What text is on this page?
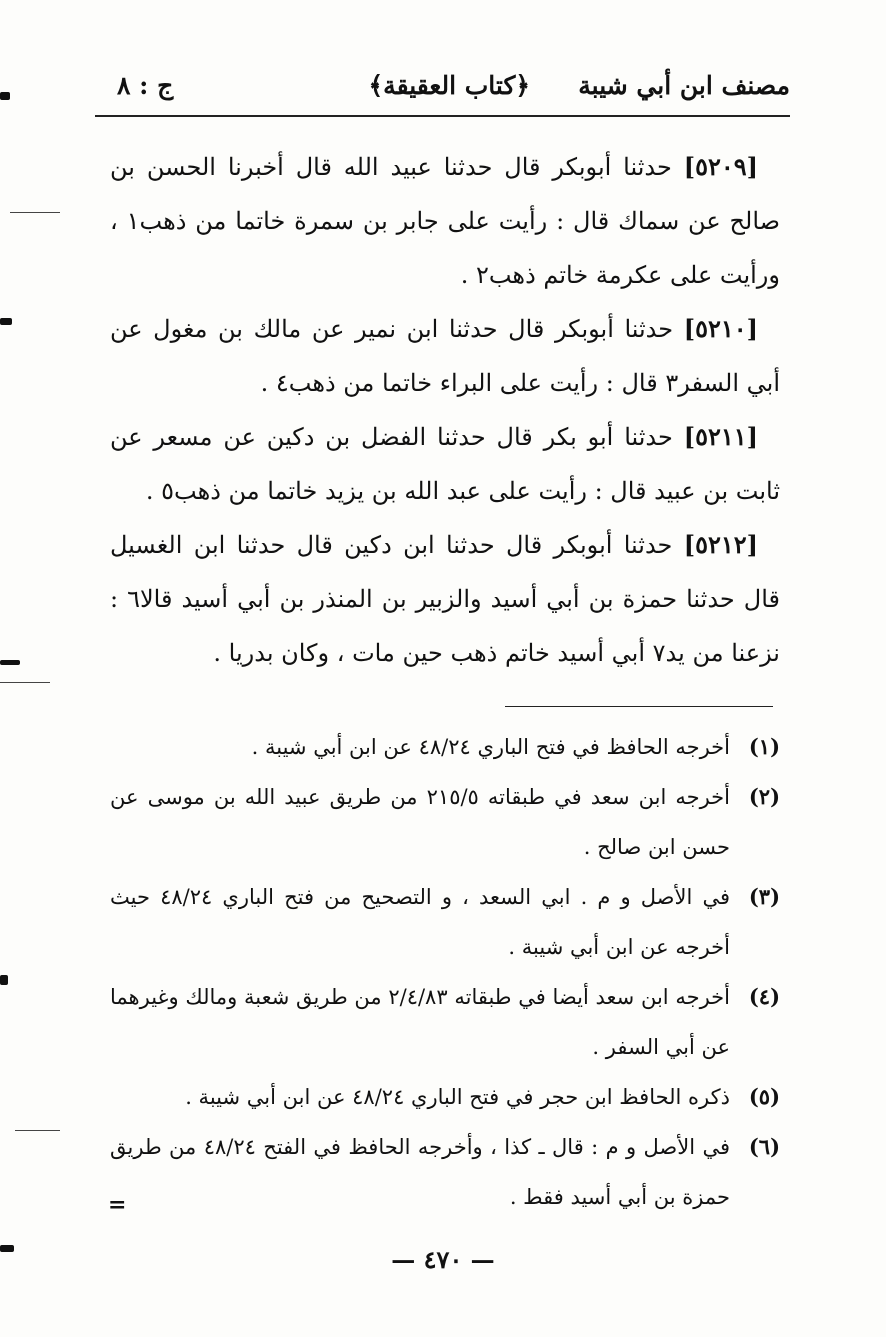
مصنف ابن أبي شيبة
﴿كتاب العقيقة﴾
ج : ٨

[٥٢٠٩] حدثنا أبوبكر قال حدثنا عبيد الله قال أخبرنا الحسن بن صالح عن سماك قال : رأيت على جابر بن سمرة خاتما من ذهب١ ، ورأيت على عكرمة خاتم ذهب٢ .

[٥٢١٠] حدثنا أبوبكر قال حدثنا ابن نمير عن مالك بن مغول عن أبي السفر٣ قال : رأيت على البراء خاتما من ذهب٤ .

[٥٢١١] حدثنا أبو بكر قال حدثنا الفضل بن دكين عن مسعر عن ثابت بن عبيد قال : رأيت على عبد الله بن يزيد خاتما من ذهب٥ .

[٥٢١٢] حدثنا أبوبكر قال حدثنا ابن دكين قال حدثنا ابن الغسيل قال حدثنا حمزة بن أبي أسيد والزبير بن المنذر بن أبي أسيد قالا٦ : نزعنا من يد٧ أبي أسيد خاتم ذهب حين مات ، وكان بدريا .

(١)
أخرجه الحافظ في فتح الباري ٤٨/٢٤ عن ابن أبي شيبة .
(٢)
أخرجه ابن سعد في طبقاته ٢١٥/٥ من طريق عبيد الله بن موسى عن حسن ابن صالح .
(٣)
في الأصل و م . ابي السعد ، و التصحيح من فتح الباري ٤٨/٢٤ حيث أخرجه عن ابن أبي شيبة .
(٤)
أخرجه ابن سعد أيضا في طبقاته ٢/٤/٨٣ من طريق شعبة ومالك وغيرهما عن أبي السفر .
(٥)
ذكره الحافظ ابن حجر في فتح الباري ٤٨/٢٤ عن ابن أبي شيبة .
(٦)
في الأصل و م : قال ـ كذا ، وأخرجه الحافظ في الفتح ٤٨/٢٤ من طريق حمزة بن أبي أسيد فقط .
=
— ٤٧٠ —
